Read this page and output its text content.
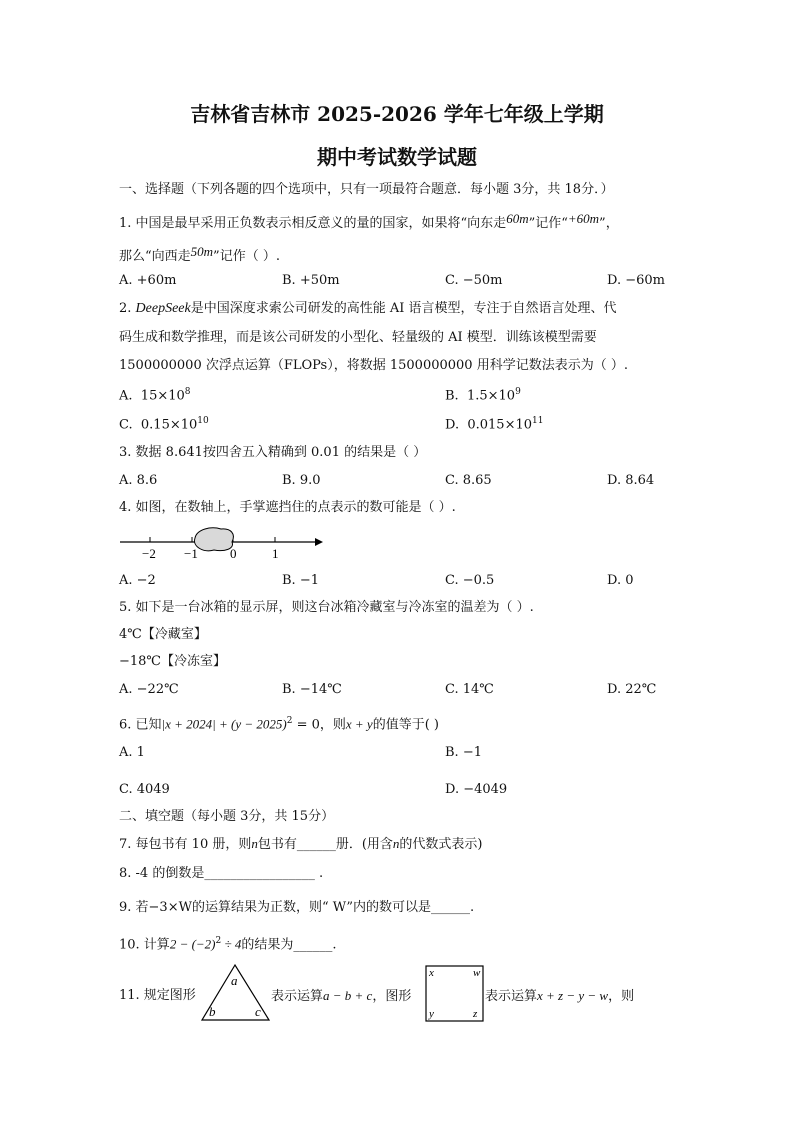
吉林省吉林市 2025-2026 学年七年级上学期
期中考试数学试题
一、选择题（下列各题的四个选项中，只有一项最符合题意．每小题 3分，共 18分．）
1. 中国是最早采用正负数表示相反意义的量的国家，如果将“向东走60m”记作“+60m”，
那么“向西走50m”记作（ ）.
A. +60m	B. +50m	C. −50m	D. −60m
2. DeepSeek是中国深度求索公司研发的高性能 AI 语言模型，专注于自然语言处理、代
码生成和数学推理，而是该公司研发的小型化、轻量级的 AI 模型．训练该模型需要
1500000000 次浮点运算（FLOPs），将数据 1500000000 用科学记数法表示为（ ）.
A. $15\times 10^8$	B. $1.5\times 10^9$
C. $0.15\times 10^{10}$	D. $0.015\times 10^{11}$
3. 数据 8.641按四舍五入精确到 0.01 的结果是（ ）
A. 8.6	B. 9.0	C. 8.65	D. 8.64
4. 如图，在数轴上，手掌遮挡住的点表示的数可能是（ ）.
−2 −1 0	1
A. −2	B. −1	C. −0.5	D. 0
5. 如下是一台冰箱的显示屏，则这台冰箱冷藏室与冷冻室的温差为（ ）.
4℃【冷藏室】
−18℃【冷冻室】
A. −22℃	B. −14℃	C. 14℃	D. 22℃
6. 已知$|x + 2024| + (y - 2025)^2 = 0$，则x + y的值等于( )
A. 1	B. −1
C. 4049	D. −4049
二、填空题（每小题 3分，共 15分）
7. 每包书有 10 册，则n包书有______册．(用含n的代数式表示)
8. -4 的倒数是_________________ .
9. 若−3×W的运算结果为正数，则“ W”内的数可以是______.
10. 计算$2 - (-2)^2 \div 4$的结果为______.
11. 规定图形
a
b	c
表示运算a − b + c，图形
x	w
y	z
表示运算x + z − y − w，则
